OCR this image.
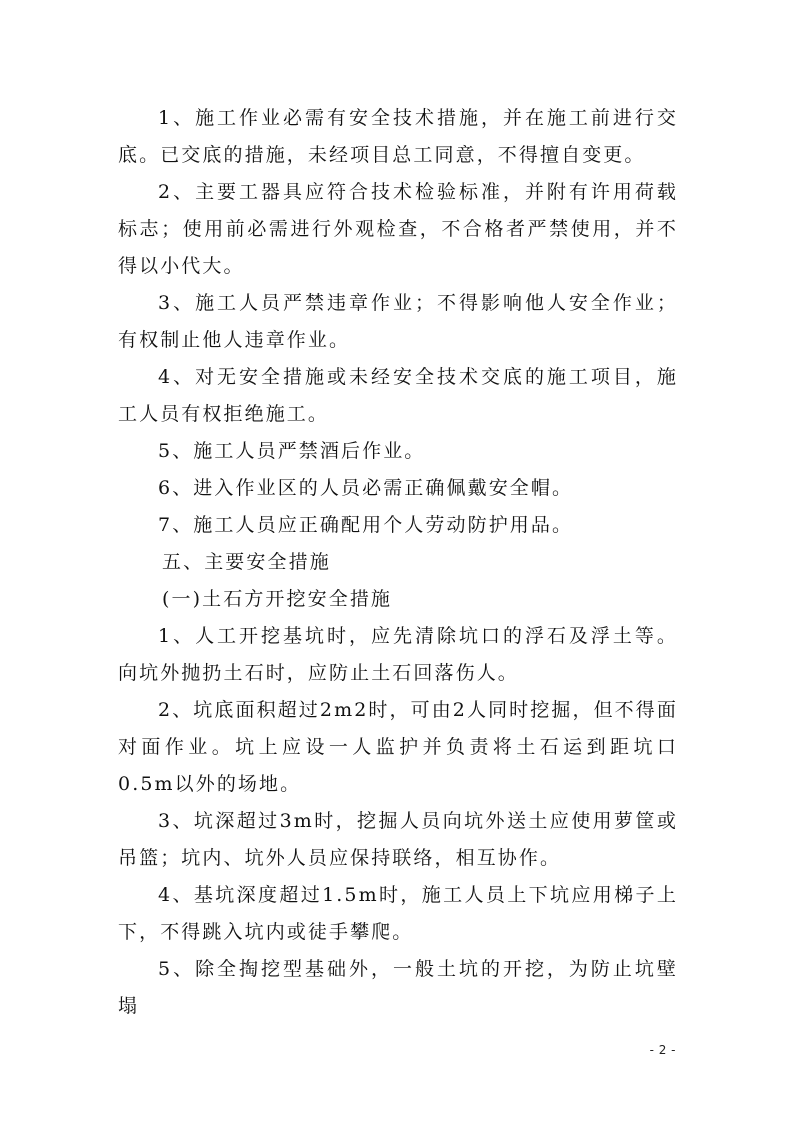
1、施工作业必需有安全技术措施，并在施工前进行交底。已交底的措施，未经项目总工同意，不得擅自变更。

2、主要工器具应符合技术检验标准，并附有许用荷载标志；使用前必需进行外观检查，不合格者严禁使用，并不得以小代大。

3、施工人员严禁违章作业；不得影响他人安全作业；有权制止他人违章作业。

4、对无安全措施或未经安全技术交底的施工项目，施工人员有权拒绝施工。

5、施工人员严禁酒后作业。

6、进入作业区的人员必需正确佩戴安全帽。

7、施工人员应正确配用个人劳动防护用品。

五、主要安全措施

(一)土石方开挖安全措施

1、人工开挖基坑时，应先清除坑口的浮石及浮土等。向坑外抛扔土石时，应防止土石回落伤人。

2、坑底面积超过2m2时，可由2人同时挖掘，但不得面对面作业。坑上应设一人监护并负责将土石运到距坑口0.5m以外的场地。

3、坑深超过3m时，挖掘人员向坑外送土应使用萝筐或吊篮；坑内、坑外人员应保持联络，相互协作。

4、基坑深度超过1.5m时，施工人员上下坑应用梯子上下，不得跳入坑内或徒手攀爬。

5、除全掏挖型基础外，一般土坑的开挖，为防止坑壁塌

- 2 -
